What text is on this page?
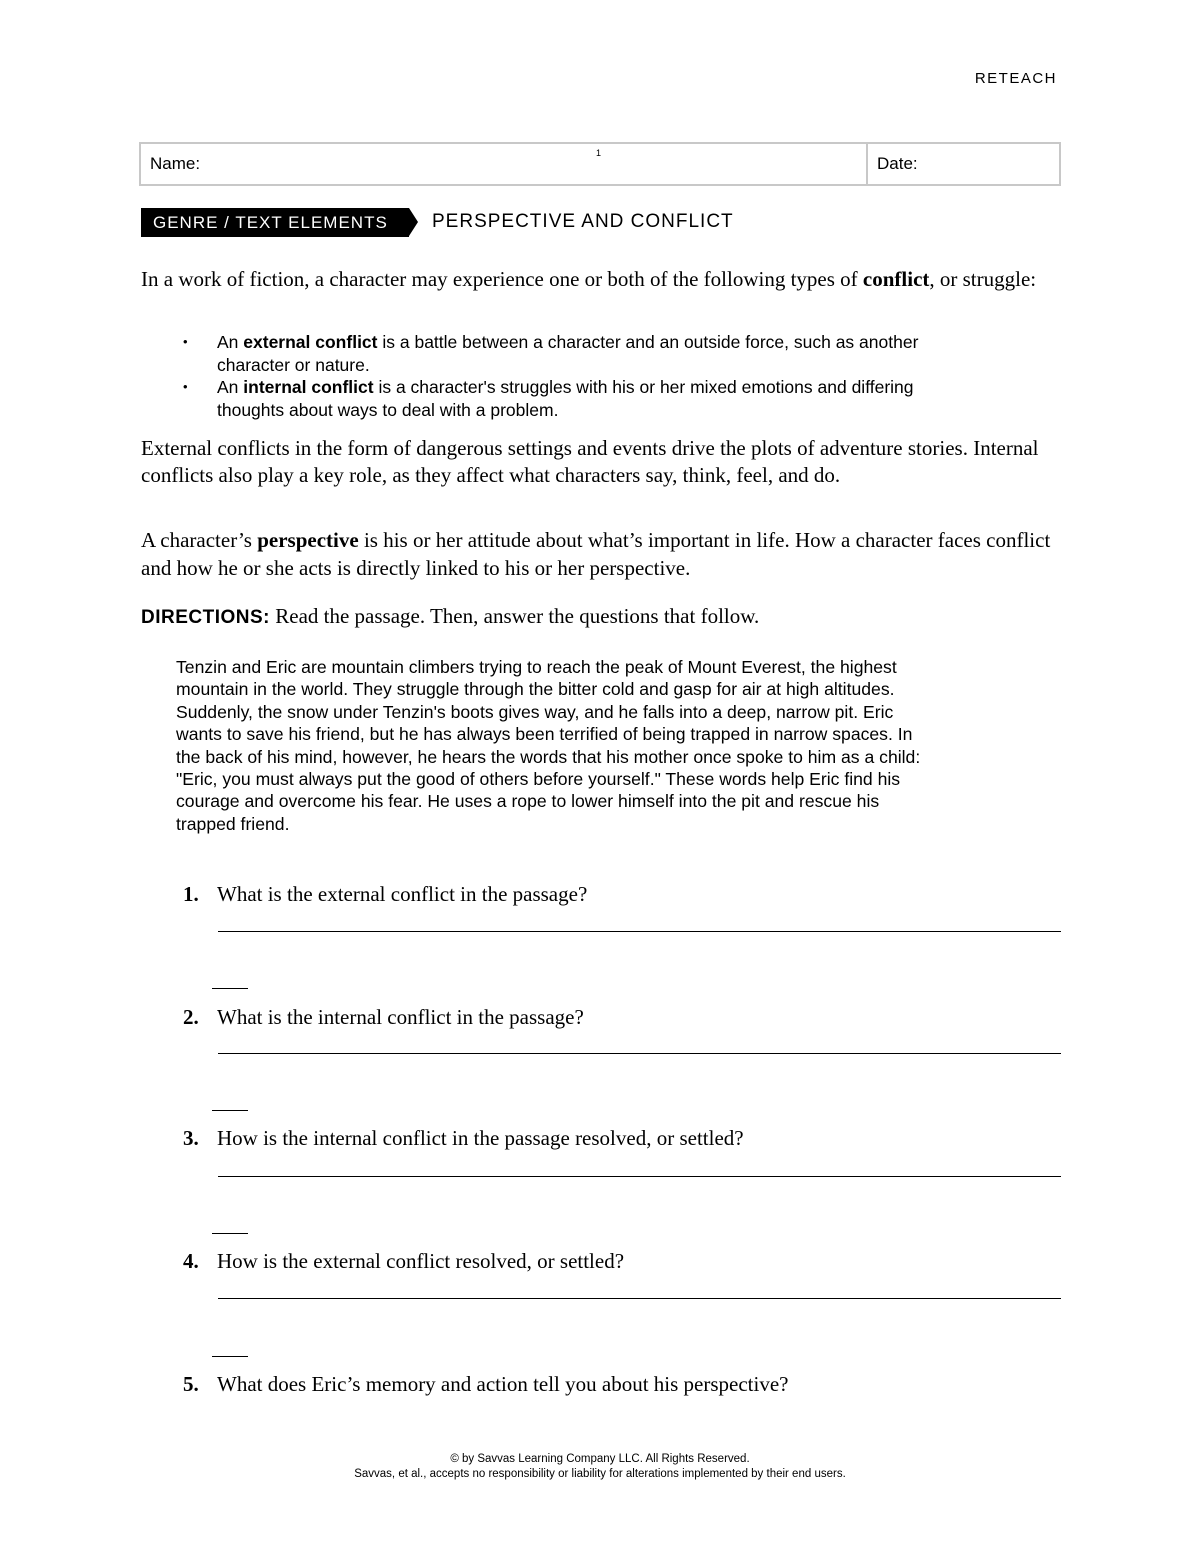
RETEACH
Name:
1
Date:
GENRE / TEXT ELEMENTS	PERSPECTIVE AND CONFLICT

In a work of fiction, a character may experience one or both of the following types of conflict, or struggle:

• An external conflict is a battle between a character and an outside force, such as another character or nature.
• An internal conflict is a character's struggles with his or her mixed emotions and differing thoughts about ways to deal with a problem.

External conflicts in the form of dangerous settings and events drive the plots of adventure stories. Internal conflicts also play a key role, as they affect what characters say, think, feel, and do.

A character’s perspective is his or her attitude about what’s important in life. How a character faces conflict and how he or she acts is directly linked to his or her perspective.

DIRECTIONS: Read the passage. Then, answer the questions that follow.

Tenzin and Eric are mountain climbers trying to reach the peak of Mount Everest, the highest mountain in the world. They struggle through the bitter cold and gasp for air at high altitudes. Suddenly, the snow under Tenzin's boots gives way, and he falls into a deep, narrow pit. Eric wants to save his friend, but he has always been terrified of being trapped in narrow spaces. In the back of his mind, however, he hears the words that his mother once spoke to him as a child: "Eric, you must always put the good of others before yourself." These words help Eric find his courage and overcome his fear. He uses a rope to lower himself into the pit and rescue his trapped friend.

1. What is the external conflict in the passage?
2. What is the internal conflict in the passage?
3. How is the internal conflict in the passage resolved, or settled?
4. How is the external conflict resolved, or settled?
5. What does Eric’s memory and action tell you about his perspective?
© by Savvas Learning Company LLC. All Rights Reserved.
Savvas, et al., accepts no responsibility or liability for alterations implemented by their end users.
